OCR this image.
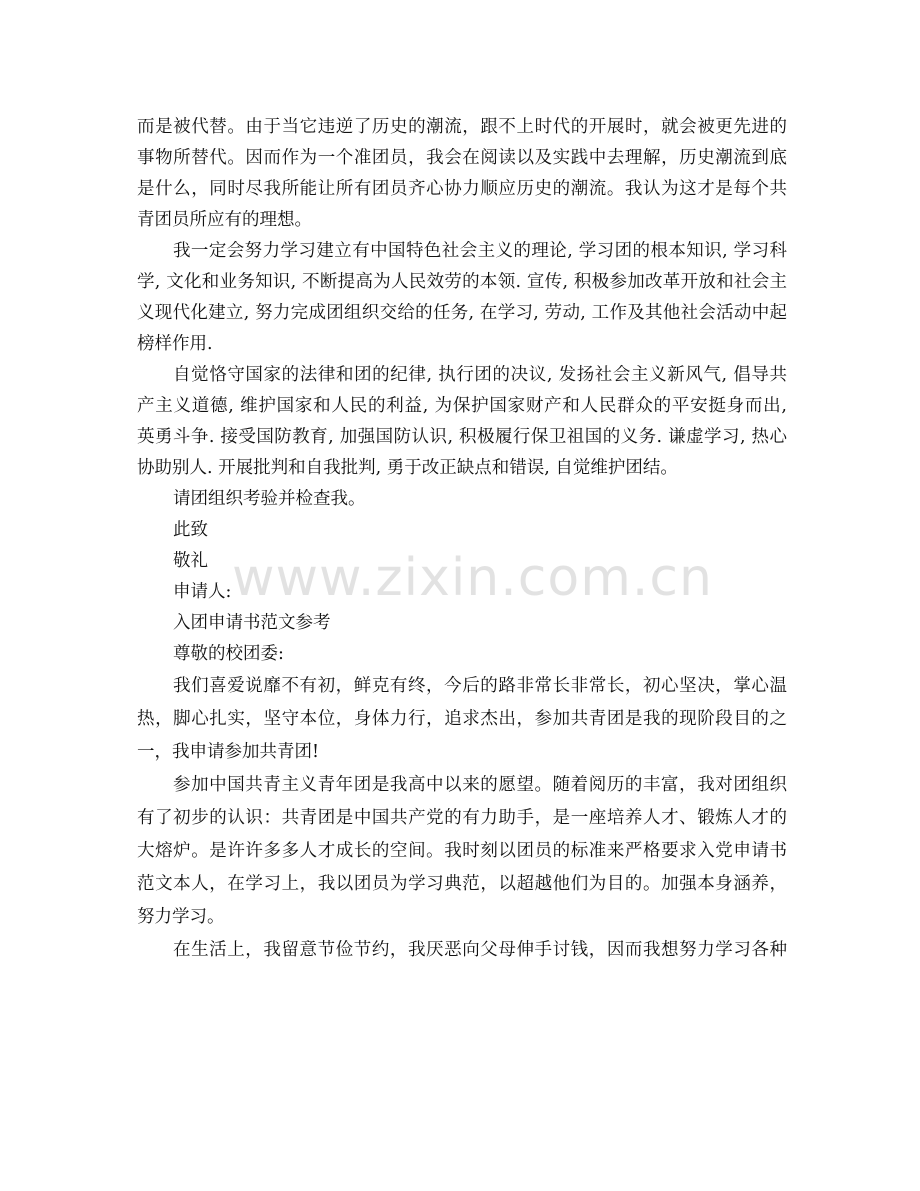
而是被代替。由于当它违逆了历史的潮流，跟不上时代的开展时，就会被更先进的
事物所替代。因而作为一个准团员，我会在阅读以及实践中去理解，历史潮流到底
是什么，同时尽我所能让所有团员齐心协力顺应历史的潮流。我认为这才是每个共
青团员所应有的理想。
我一定会努力学习建立有中国特色社会主义的理论, 学习团的根本知识, 学习科
学, 文化和业务知识, 不断提高为人民效劳的本领. 宣传, 积极参加改革开放和社会主
义现代化建立, 努力完成团组织交给的任务, 在学习, 劳动, 工作及其他社会活动中起
榜样作用.
自觉恪守国家的法律和团的纪律, 执行团的决议, 发扬社会主义新风气, 倡导共
产主义道德, 维护国家和人民的利益, 为保护国家财产和人民群众的平安挺身而出,
英勇斗争. 接受国防教育, 加强国防认识, 积极履行保卫祖国的义务. 谦虚学习, 热心
协助别人. 开展批判和自我批判, 勇于改正缺点和错误, 自觉维护团结。
请团组织考验并检查我。
此致
敬礼
申请人:
入团申请书范文参考
尊敬的校团委:
我们喜爱说靡不有初，鲜克有终，今后的路非常长非常长，初心坚决，掌心温
热，脚心扎实，坚守本位，身体力行，追求杰出，参加共青团是我的现阶段目的之
一，我申请参加共青团!
参加中国共青主义青年团是我高中以来的愿望。随着阅历的丰富，我对团组织
有了初步的认识：共青团是中国共产党的有力助手，是一座培养人才、锻炼人才的
大熔炉。是许许多多人才成长的空间。我时刻以团员的标准来严格要求入党申请书
范文本人，在学习上，我以团员为学习典范，以超越他们为目的。加强本身涵养，
努力学习。
在生活上，我留意节俭节约，我厌恶向父母伸手讨钱，因而我想努力学习各种
www.zixin.com.cn
